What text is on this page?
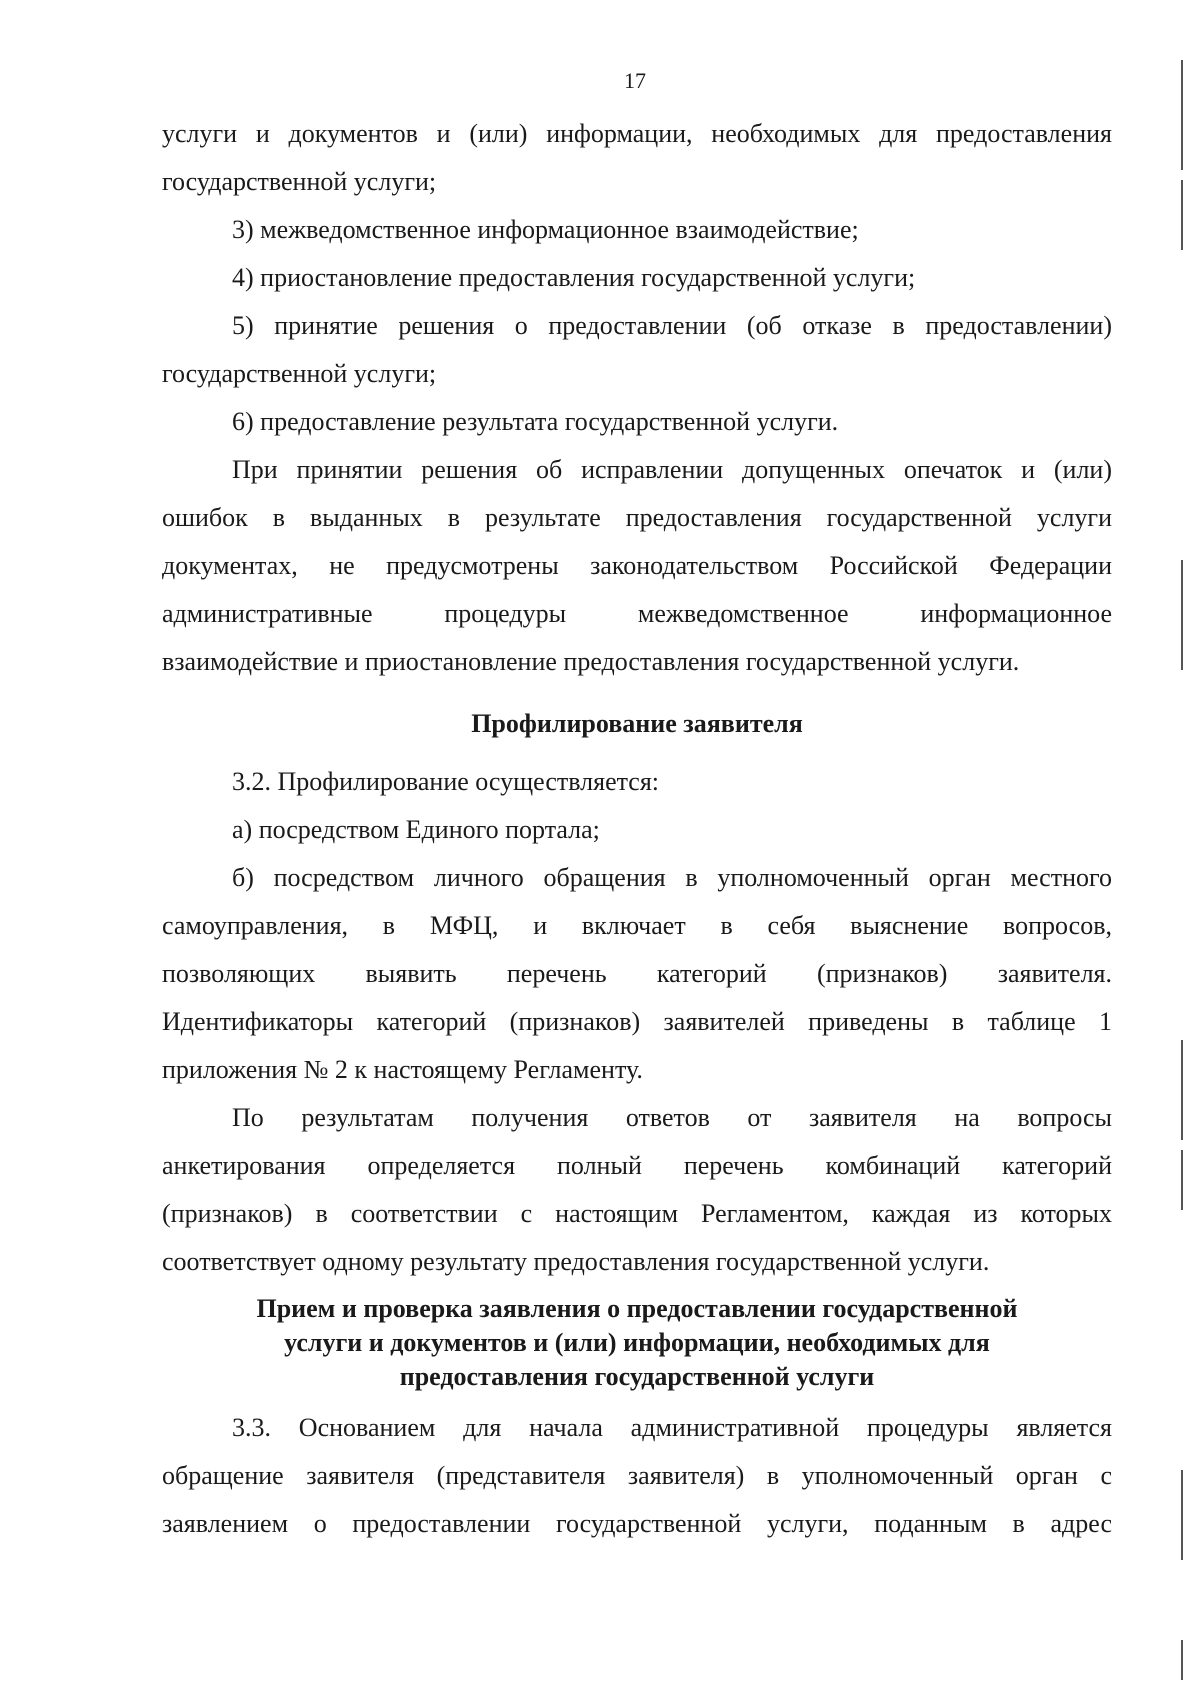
17
услуги и документов и (или) информации, необходимых для предоставления
государственной услуги;
3) межведомственное информационное взаимодействие;
4) приостановление предоставления государственной услуги;
5) принятие решения о предоставлении (об отказе в предоставлении)
государственной услуги;
6) предоставление результата государственной услуги.
При принятии решения об исправлении допущенных опечаток и (или)
ошибок в выданных в результате предоставления государственной услуги
документах, не предусмотрены законодательством Российской Федерации
административные процедуры межведомственное информационное
взаимодействие и приостановление предоставления государственной услуги.
Профилирование заявителя
3.2. Профилирование осуществляется:
а) посредством Единого портала;
б) посредством личного обращения в уполномоченный орган местного
самоуправления, в МФЦ, и включает в себя выяснение вопросов,
позволяющих выявить перечень категорий (признаков) заявителя.
Идентификаторы категорий (признаков) заявителей приведены в таблице 1
приложения № 2 к настоящему Регламенту.
По результатам получения ответов от заявителя на вопросы
анкетирования определяется полный перечень комбинаций категорий
(признаков) в соответствии с настоящим Регламентом, каждая из которых
соответствует одному результату предоставления государственной услуги.
Прием и проверка заявления о предоставлении государственной
услуги и документов и (или) информации, необходимых для
предоставления государственной услуги
3.3. Основанием для начала административной процедуры является
обращение заявителя (представителя заявителя) в уполномоченный орган с
заявлением о предоставлении государственной услуги, поданным в адрес
